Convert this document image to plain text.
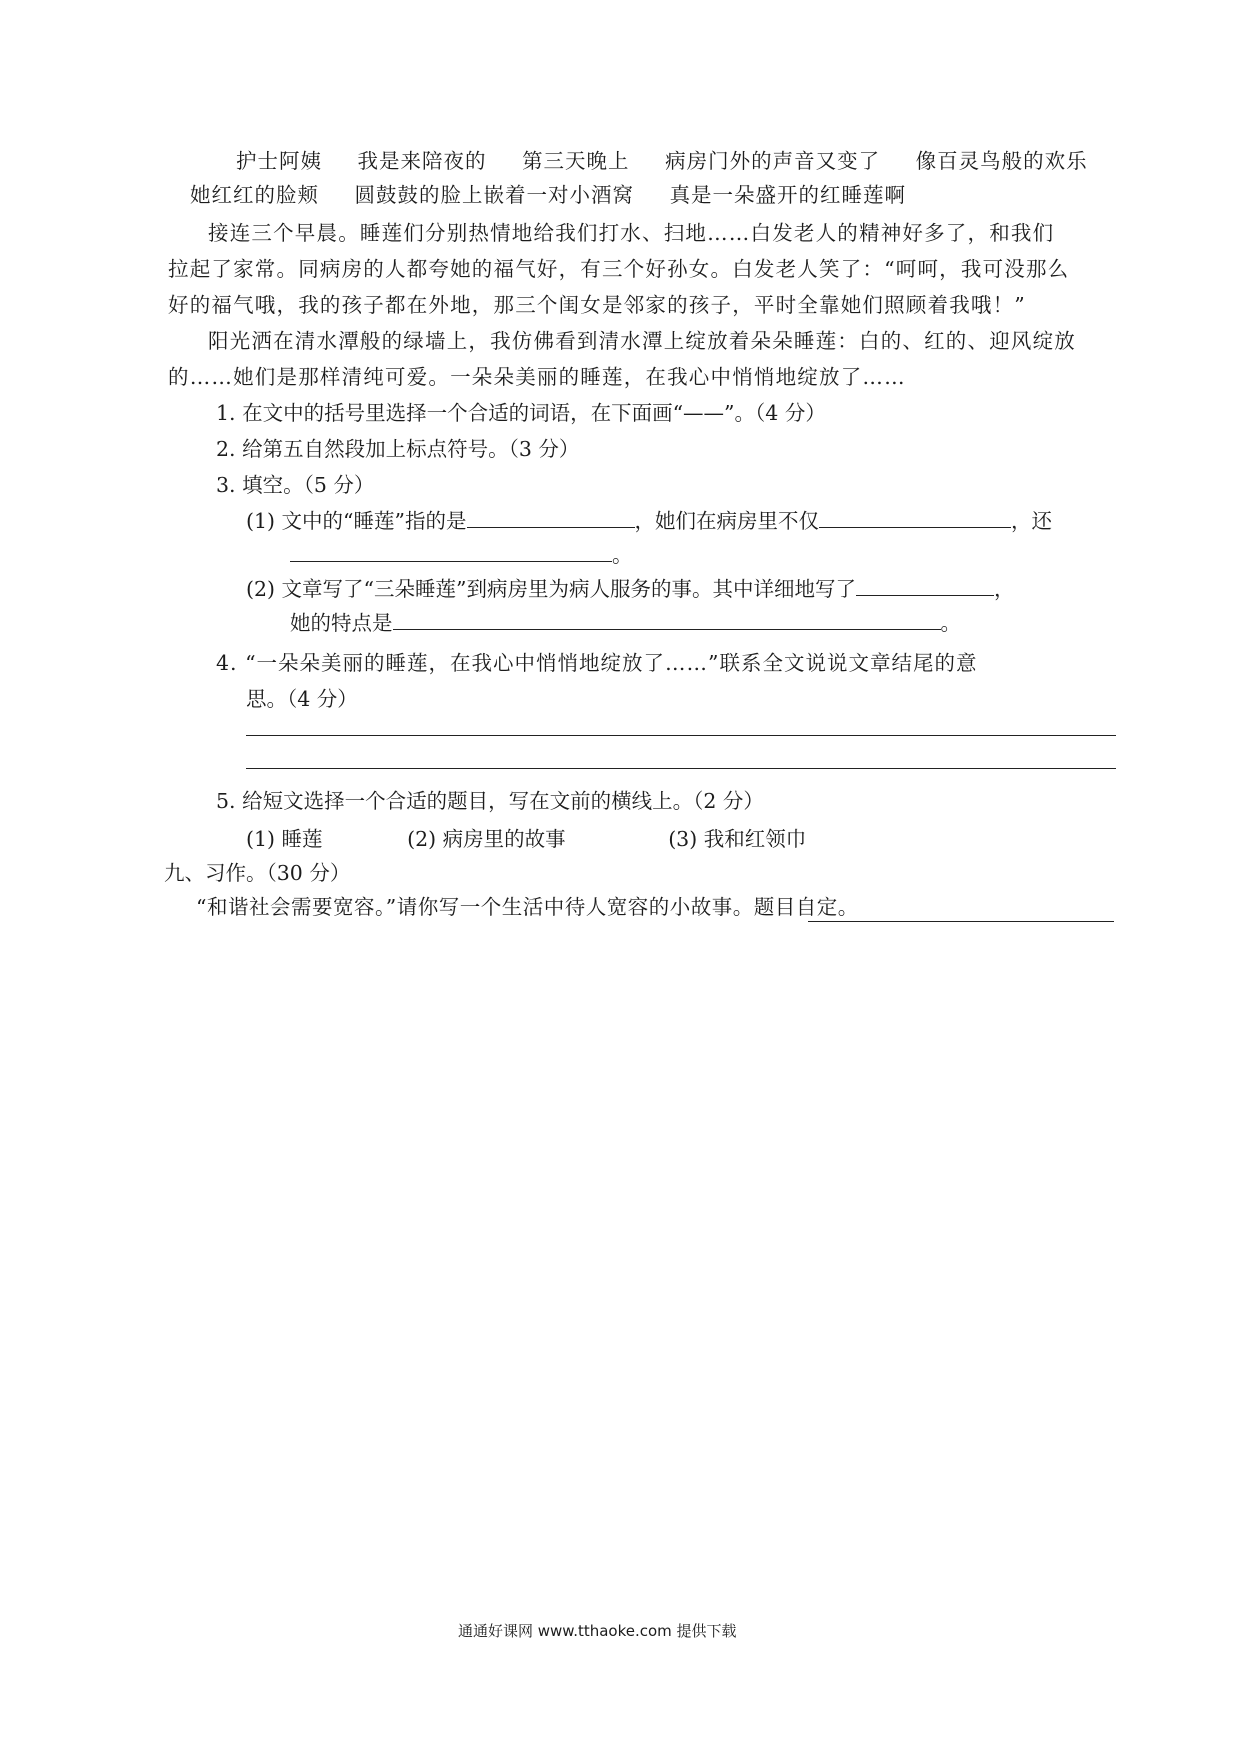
护士阿姨 我是来陪夜的 第三天晚上 病房门外的声音又变了 像百灵鸟般的欢乐
她红红的脸颊 圆鼓鼓的脸上嵌着一对小酒窝 真是一朵盛开的红睡莲啊
接连三个早晨。睡莲们分别热情地给我们打水、扫地……白发老人的精神好多了，和我们
拉起了家常。同病房的人都夸她的福气好，有三个好孙女。白发老人笑了：“呵呵，我可没那么
好的福气哦，我的孩子都在外地，那三个闺女是邻家的孩子，平时全靠她们照顾着我哦！”
阳光洒在清水潭般的绿墙上，我仿佛看到清水潭上绽放着朵朵睡莲：白的、红的、迎风绽放
的……她们是那样清纯可爱。一朵朵美丽的睡莲，在我心中悄悄地绽放了……
1. 在文中的括号里选择一个合适的词语，在下面画“——”。（4 分）
2. 给第五自然段加上标点符号。（3 分）
3. 填空。（5 分）
(1) 文中的“睡莲”指的是	，她们在病房里不仅	，还
。
(2) 文章写了“三朵睡莲”到病房里为病人服务的事。其中详细地写了	，
她的特点是	。
4. “一朵朵美丽的睡莲，在我心中悄悄地绽放了……”联系全文说说文章结尾的意
思。（4 分）
5. 给短文选择一个合适的题目，写在文前的横线上。（2 分）
(1) 睡莲	(2) 病房里的故事	(3) 我和红领巾
九、习作。（30 分）
“和谐社会需要宽容。”请你写一个生活中待人宽容的小故事。题目自定。
通通好课网 www.tthaoke.com 提供下载
